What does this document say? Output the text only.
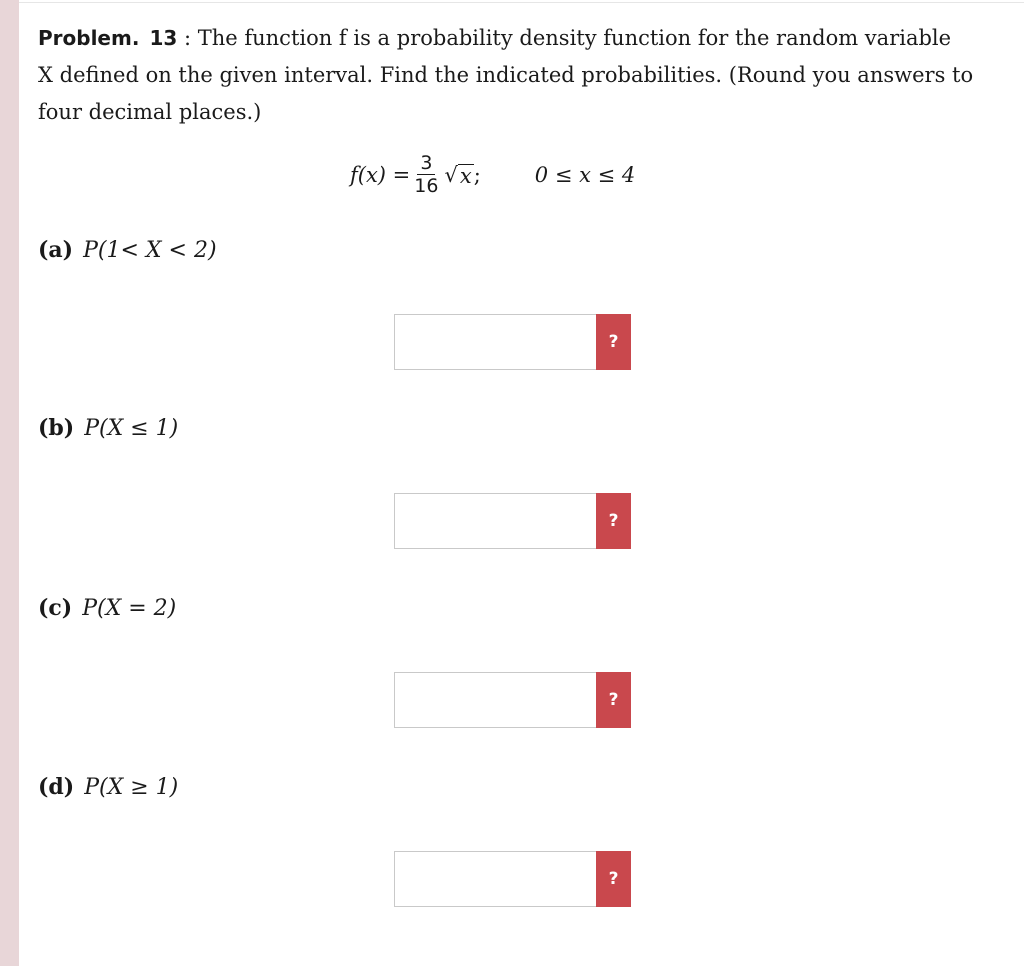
Problem. 13 : The function f is a probability density function for the random variable
X defined on the given interval. Find the indicated probabilities. (Round you answers to
four decimal places.)

$f(x) = \frac{3}{16}$ √ x ;	0 ≤ x ≤ 4
(a) P(1< X < 2)
?
(b) P(X ≤ 1)
?
(c) P(X = 2)
?
(d) P(X ≥ 1)
?
